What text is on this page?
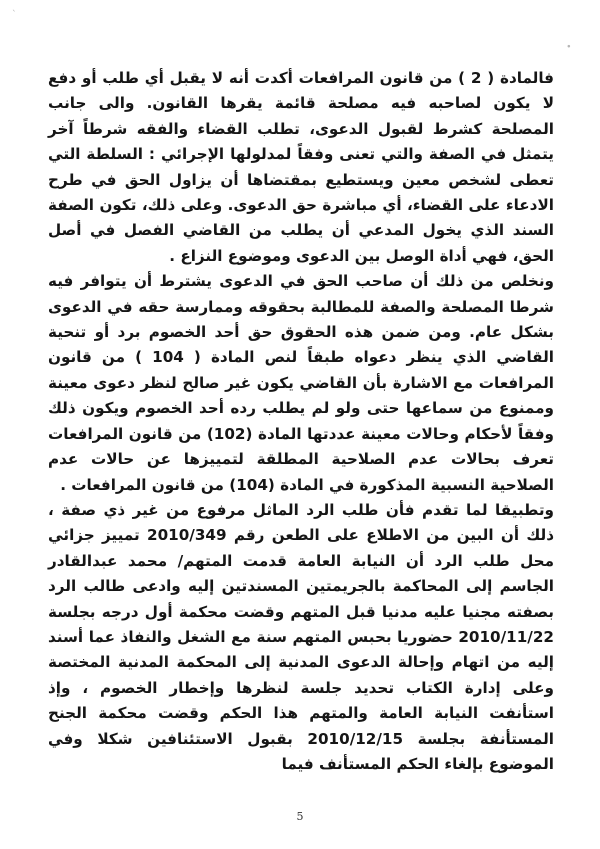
ˋ
∙

فالمادة ( 2 ) من قانون المرافعات أكدت أنه لا يقبل أي طلب أو دفع لا يكون لصاحبه فيه مصلحة قائمة يقرها القانون. والى جانب المصلحة كشرط لقبول الدعوى، تطلب القضاء والفقه شرطاً آخر يتمثل في الصفة والتي تعنى وفقاً لمدلولها الإجرائي : السلطة التي تعطى لشخص معين ويستطيع بمقتضاها أن يزاول الحق في طرح الادعاء على القضاء، أي مباشرة حق الدعوى. وعلى ذلك، تكون الصفة السند الذي يخول المدعي أن يطلب من القاضي الفصل في أصل الحق، فهي أداة الوصل بين الدعوى وموضوع النزاع .

ونخلص من ذلك أن صاحب الحق في الدعوى يشترط أن يتوافر فيه شرطا المصلحة والصفة للمطالبة بحقوقه وممارسة حقه في الدعوى بشكل عام. ومن ضمن هذه الحقوق حق أحد الخصوم برد أو تنحية القاضي الذي ينظر دعواه طبقاً لنص المادة ( 104 ) من قانون المرافعات مع الاشارة بأن القاضي يكون غير صالح لنظر دعوى معينة وممنوع من سماعها حتى ولو لم يطلب رده أحد الخصوم ويكون ذلك وفقاً لأحكام وحالات معينة عددتها المادة (102) من قانون المرافعات تعرف بحالات عدم الصلاحية المطلقة لتمييزها عن حالات عدم الصلاحية النسبية المذكورة في المادة (104) من قانون المرافعات .

وتطبيقا لما تقدم فأن طلب الرد الماثل مرفوع من غير ذي صفة ، ذلك أن البين من الاطلاع على الطعن رقم 2010/349 تمييز جزائي محل طلب الرد أن النيابة العامة قدمت المتهم/ محمد عبدالقادر الجاسم إلى المحاكمة بالجريمتين المسندتين إليه وادعى طالب الرد بصفته مجنيا عليه مدنيا قبل المتهم وقضت محكمة أول درجه بجلسة 2010/11/22 حضوريا بحبس المتهم سنة مع الشغل والنفاذ عما أسند إليه من اتهام وإحالة الدعوى المدنية إلى المحكمة المدنية المختصة وعلى إدارة الكتاب تحديد جلسة لنظرها وإخطار الخصوم ، وإذ استأنفت النيابة العامة والمتهم هذا الحكم وقضت محكمة الجنح المستأنفة بجلسة 2010/12/15 بقبول الاستئنافين شكلا وفي الموضوع بإلغاء الحكم المستأنف فيما

5
